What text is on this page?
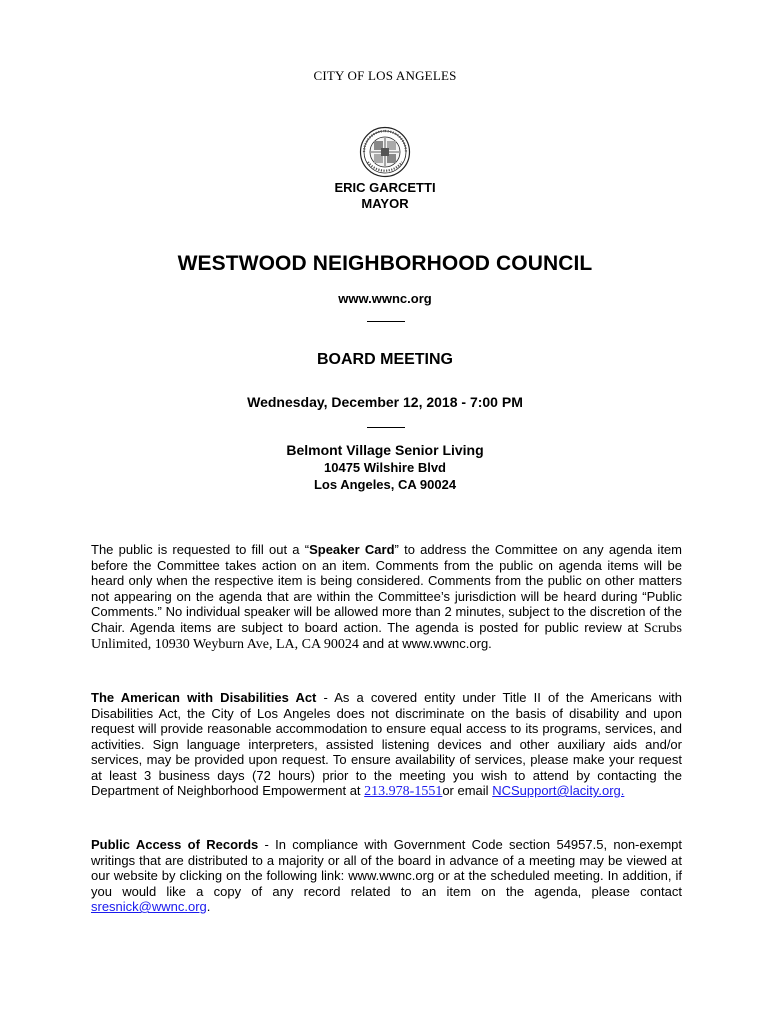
CITY OF LOS ANGELES
ERIC GARCETTI
MAYOR
WESTWOOD NEIGHBORHOOD COUNCIL
www.wwnc.org
BOARD MEETING
Wednesday, December 12, 2018 - 7:00 PM
Belmont Village Senior Living
10475 Wilshire Blvd
Los Angeles, CA 90024

The public is requested to fill out a “Speaker Card” to address the Committee on any agenda item before the Committee takes action on an item. Comments from the public on agenda items will be heard only when the respective item is being considered. Comments from the public on other matters not appearing on the agenda that are within the Committee’s jurisdiction will be heard during “Public Comments.” No individual speaker will be allowed more than 2 minutes, subject to the discretion of the Chair. Agenda items are subject to board action. The agenda is posted for public review at Scrubs Unlimited, 10930 Weyburn Ave, LA, CA 90024 and at www.wwnc.org.

The American with Disabilities Act - As a covered entity under Title II of the Americans with Disabilities Act, the City of Los Angeles does not discriminate on the basis of disability and upon request will provide reasonable accommodation to ensure equal access to its programs, services, and activities. Sign language interpreters, assisted listening devices and other auxiliary aids and/or services, may be provided upon request. To ensure availability of services, please make your request at least 3 business days (72 hours) prior to the meeting you wish to attend by contacting the Department of Neighborhood Empowerment at 213.978-1551or email NCSupport@lacity.org.

Public Access of Records - In compliance with Government Code section 54957.5, non-exempt writings that are distributed to a majority or all of the board in advance of a meeting may be viewed at our website by clicking on the following link: www.wwnc.org or at the scheduled meeting. In addition, if you would like a copy of any record related to an item on the agenda, please contact sresnick@wwnc.org.
